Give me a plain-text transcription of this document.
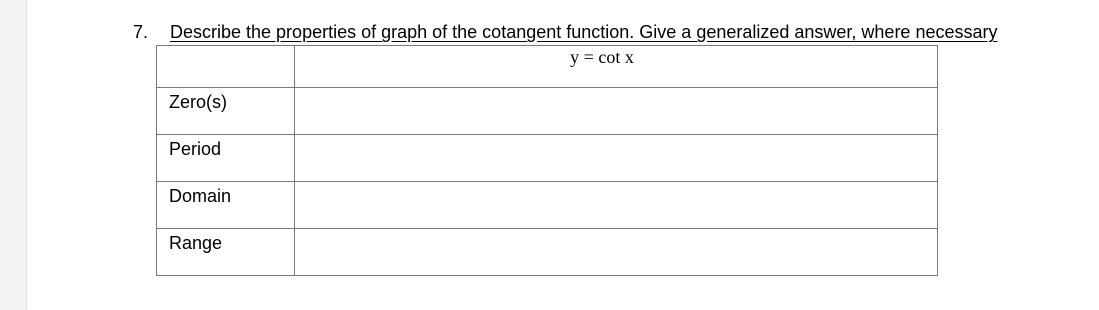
7. Describe the properties of graph of the cotangent function. Give a generalized answer, where necessary

	y = cot x

Zero(s)	

Period	

Domain	

Range	
